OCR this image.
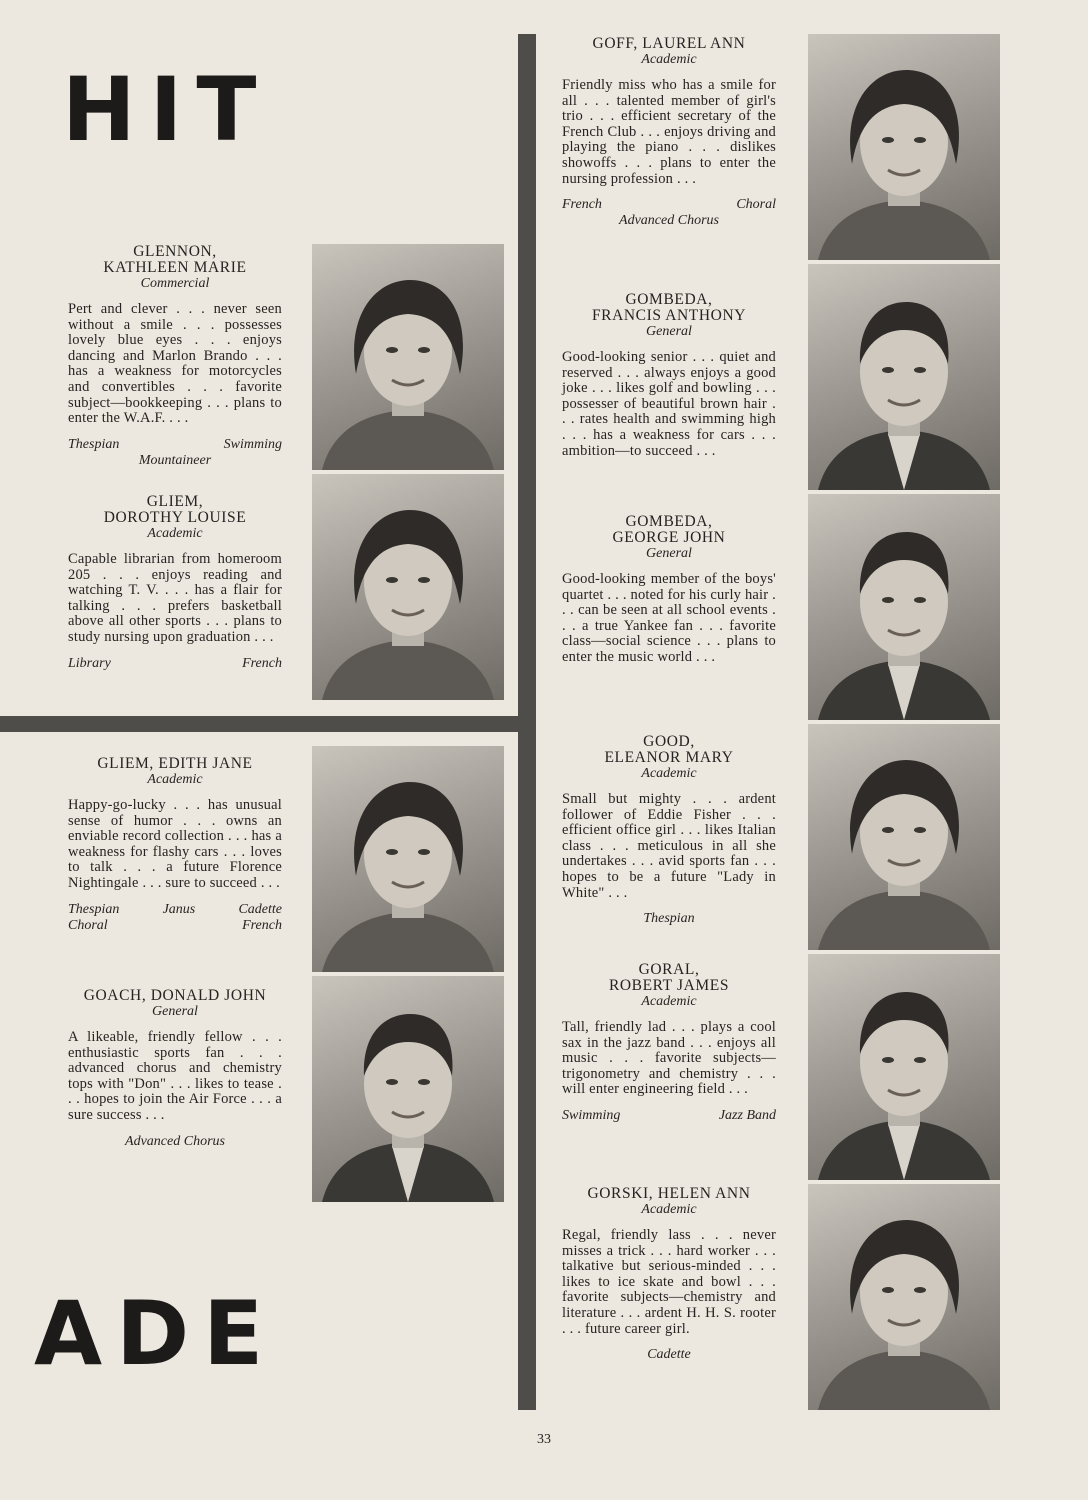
HIT
ADE
GLENNON,
KATHLEEN MARIE
Commercial
Pert and clever . . . never seen without a smile . . . possesses lovely blue eyes . . . enjoys dancing and Marlon Brando . . . has a weakness for motorcycles and convertibles . . . favorite subject—bookkeeping . . . plans to enter the W.A.F. . . .
Thespian	Swimming
Mountaineer
GLIEM,
DOROTHY LOUISE
Academic
Capable librarian from homeroom 205 . . . enjoys reading and watching T. V. . . . has a flair for talking . . . prefers basketball above all other sports . . . plans to study nursing upon graduation . . .
Library	French
GLIEM, EDITH JANE
Academic
Happy-go-lucky . . . has unusual sense of humor . . . owns an enviable record collection . . . has a weakness for flashy cars . . . loves to talk . . . a future Florence Nightingale . . . sure to succeed . . .
Thespian	Janus	Cadette
Choral	French
GOACH, DONALD JOHN
General
A likeable, friendly fellow . . . enthusiastic sports fan . . . advanced chorus and chemistry tops with "Don" . . . likes to tease . . . hopes to join the Air Force . . . a sure success . . .
Advanced Chorus
GOFF, LAUREL ANN
Academic
Friendly miss who has a smile for all . . . talented member of girl's trio . . . efficient secretary of the French Club . . . enjoys driving and playing the piano . . . dislikes showoffs . . . plans to enter the nursing profession . . .
French	Choral
Advanced Chorus
GOMBEDA,
FRANCIS ANTHONY
General
Good-looking senior . . . quiet and reserved . . . always enjoys a good joke . . . likes golf and bowling . . . possesser of beautiful brown hair . . . rates health and swimming high . . . has a weakness for cars . . . ambition—to succeed . . .
GOMBEDA,
GEORGE JOHN
General
Good-looking member of the boys' quartet . . . noted for his curly hair . . . can be seen at all school events . . . a true Yankee fan . . . favorite class—social science . . . plans to enter the music world . . .
GOOD,
ELEANOR MARY
Academic
Small but mighty . . . ardent follower of Eddie Fisher . . . efficient office girl . . . likes Italian class . . . meticulous in all she undertakes . . . avid sports fan . . . hopes to be a future "Lady in White" . . .
Thespian
GORAL,
ROBERT JAMES
Academic
Tall, friendly lad . . . plays a cool sax in the jazz band . . . enjoys all music . . . favorite subjects—trigonometry and chemistry . . . will enter engineering field . . .
Swimming	Jazz Band
GORSKI, HELEN ANN
Academic
Regal, friendly lass . . . never misses a trick . . . hard worker . . . talkative but serious-minded . . . likes to ice skate and bowl . . . favorite subjects—chemistry and literature . . . ardent H. H. S. rooter . . . future career girl.
Cadette
33
